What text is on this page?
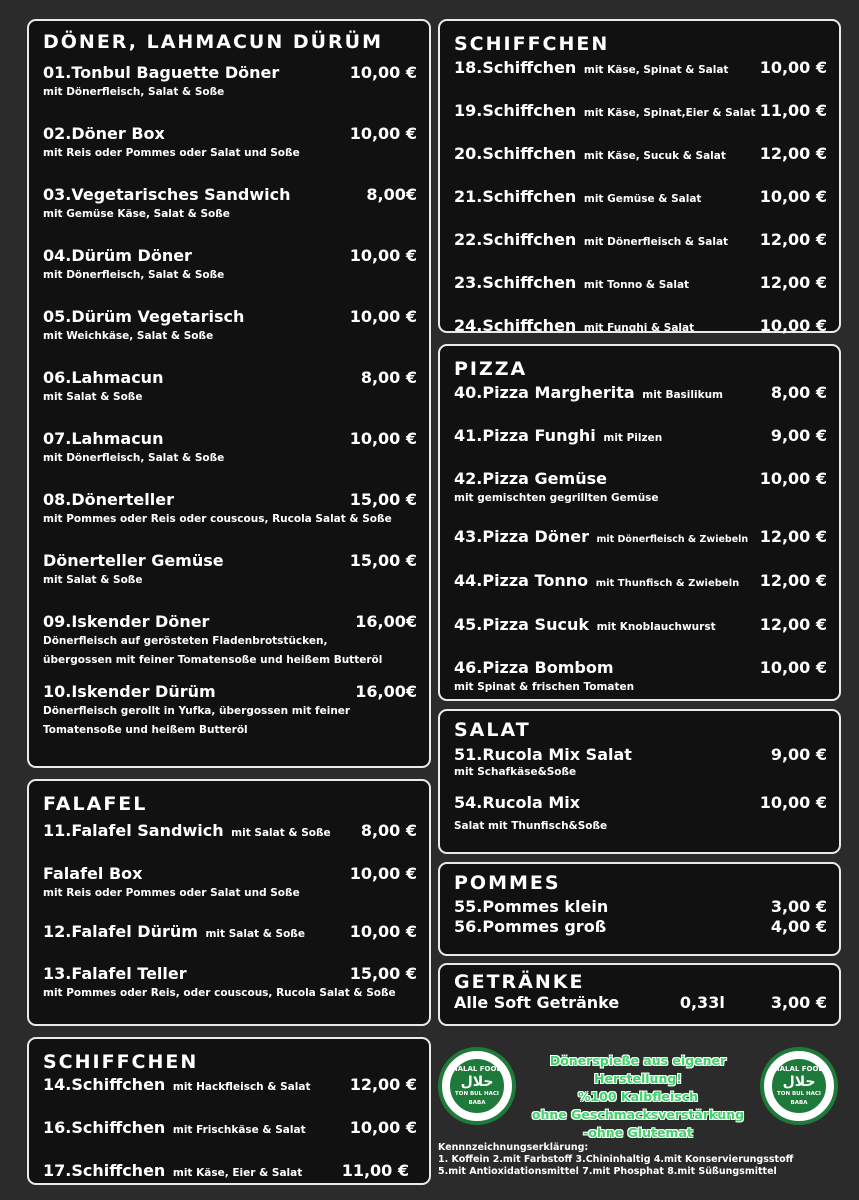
DÖNER, LAHMACUN DÜRÜM
01.Tonbul Baguette Döner	10,00 €
mit Dönerfleisch, Salat & Soße
02.Döner Box	10,00 €
mit Reis oder Pommes oder Salat und Soße
03.Vegetarisches Sandwich	8,00€
mit Gemüse Käse, Salat & Soße
04.Dürüm Döner	10,00 €
mit Dönerfleisch, Salat & Soße
05.Dürüm Vegetarisch	10,00 €
mit Weichkäse, Salat & Soße
06.Lahmacun	8,00 €
mit Salat & Soße
07.Lahmacun	10,00 €
mit Dönerfleisch, Salat & Soße
08.Dönerteller	15,00 €
mit Pommes oder Reis oder couscous, Rucola Salat & Soße
Dönerteller Gemüse	15,00 €
mit Salat & Soße
09.Iskender Döner	16,00€
Dönerfleisch auf gerösteten Fladenbrotstücken,
übergossen mit feiner Tomatensoße und heißem Butteröl
10.Iskender Dürüm	16,00€
Dönerfleisch gerollt in Yufka, übergossen mit feiner
Tomatensoße und heißem Butteröl
FALAFEL
11.Falafel Sandwich mit Salat & Soße 8,00 €
Falafel Box	10,00 €
mit Reis oder Pommes oder Salat und Soße
12.Falafel Dürüm mit Salat & Soße	10,00 €
13.Falafel Teller	15,00 €
mit Pommes oder Reis, oder couscous, Rucola Salat & Soße
SCHIFFCHEN
14.Schiffchen mit Hackfleisch & Salat 12,00 €
16.Schiffchen mit Frischkäse & Salat	10,00 €
17.Schiffchen mit Käse, Eier & Salat 11,00 €
SCHIFFCHEN
18.Schiffchen mit Käse, Spinat & Salat 10,00 €
19.Schiffchen mit Käse, Spinat,Eier & Salat 11,00 €
20.Schiffchen mit Käse, Sucuk & Salat 12,00 €
21.Schiffchen mit Gemüse & Salat	10,00 €
22.Schiffchen mit Dönerfleisch & Salat 12,00 €
23.Schiffchen mit Tonno & Salat	12,00 €
24.Schiffchen mit Funghi & Salat	10,00 €
PIZZA
40.Pizza Margherita mit Basilikum	8,00 €
41.Pizza Funghi mit Pilzen	9,00 €
42.Pizza Gemüse	10,00 €
mit gemischten gegrillten Gemüse
43.Pizza Döner mit Dönerfleisch & Zwiebeln 12,00 €
44.Pizza Tonno mit Thunfisch & Zwiebeln 12,00 €
45.Pizza Sucuk mit Knoblauchwurst	12,00 €
46.Pizza Bombom	10,00 €
mit Spinat & frischen Tomaten
SALAT
51.Rucola Mix Salat	9,00 €
mit Schafkäse&Soße
54.Rucola Mix	10,00 €
Salat mit Thunfisch&Soße
POMMES
55.Pommes klein	3,00 €
56.Pommes groß	4,00 €
GETRÄNKE
Alle Soft Getränke	0,33l	3,00 €
HALAL FOOD
حلال
TON BUL HACI BABA
HALAL FOOD
حلال
TON BUL HACI BABA
Dönerspieße aus eigener Herstellung!
%100 Kalbfleisch
ohne Geschmacksverstärkung
-ohne Glutemat
Kennnzeichnungserklärung:
1. Koffein 2.mit Farbstoff 3.Chininhaltig 4.mit Konservierungsstoff
5.mit Antioxidationsmittel 7.mit Phosphat 8.mit Süßungsmittel
